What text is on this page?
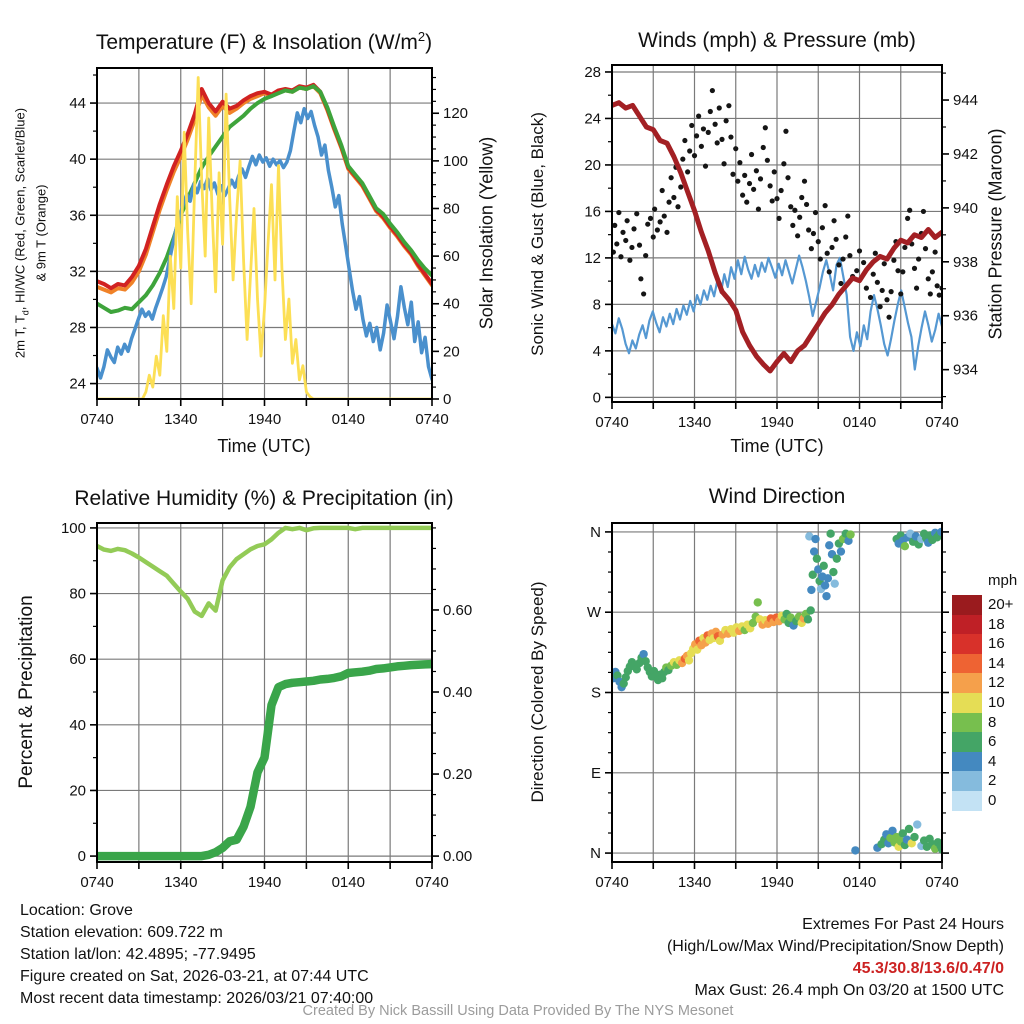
24
28
32
36
40
44
0
20
40
60
80
100
120
0740	1340	1940	0140	0740
0
4
8
12
16
20
24
28
934
936
938
940
942
944
0740	1340	1940	0140	0740
0
20
40
60
80
100
0.00
0.20
0.40
0.60
0740	1340	1940	0140	0740
N
W
S
E
N
0740	1340	1940	0140	0740
Temperature (F) & Insolation $(W/m^2)$	Winds (mph) & Pressure (mb)
Relative Humidity (%) & Precipitation (in)	Wind Direction
Time (UTC)	Time (UTC)
2m T, $T_d$, HI/WC (Red, Green, Scarlet/Blue) & 9m T (Orange)	Solar Insolation (Yellow) Sonic Wind & Gust (Blue, Black)	Station Pressure (Maroon)
Percent & Precipitation	Direction (Colored By Speed)
mph
20+
18
16
14
12
10
8
6
4
2
0
Location: Grove
Station elevation: 609.722 m
Station lat/lon: 42.4895; -77.9495
Figure created on Sat, 2026-03-21, at 07:44 UTC
Most recent data timestamp: 2026/03/21 07:40:00
Extremes For Past 24 Hours
(High/Low/Max Wind/Precipitation/Snow Depth)
45.3/30.8/13.6/0.47/0
Max Gust: 26.4 mph On 03/20 at 1500 UTC
Created By Nick Bassill Using Data Provided By The NYS Mesonet
